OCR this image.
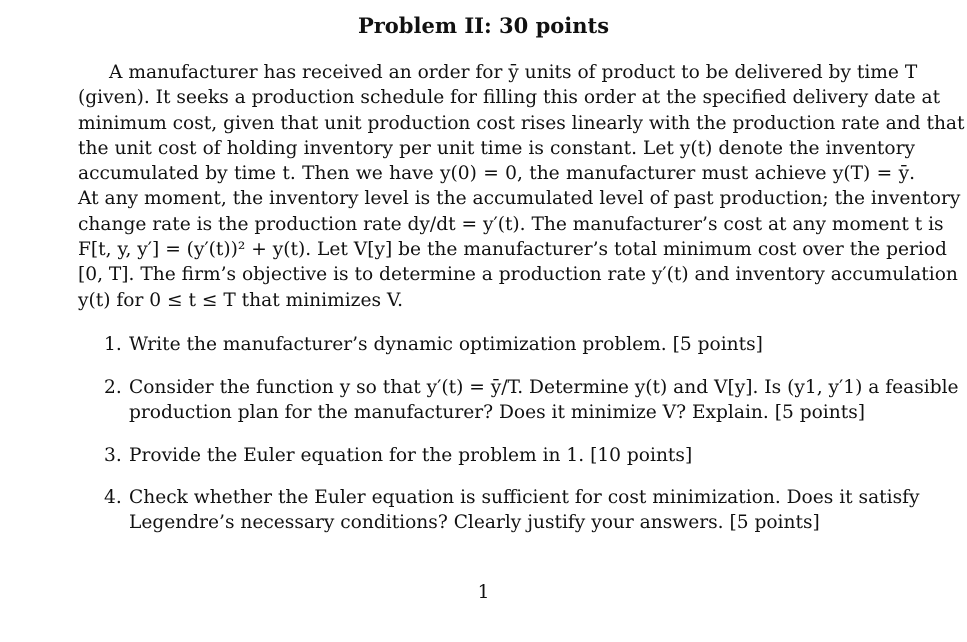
Problem II: 30 points
A manufacturer has received an order for ȳ units of product to be delivered by time T
(given). It seeks a production schedule for filling this order at the specified delivery date at
minimum cost, given that unit production cost rises linearly with the production rate and that
the unit cost of holding inventory per unit time is constant. Let y(t) denote the inventory
accumulated by time t. Then we have y(0) = 0, the manufacturer must achieve y(T) = ȳ.
At any moment, the inventory level is the accumulated level of past production; the inventory
change rate is the production rate dy/dt = y′(t). The manufacturer’s cost at any moment t is
F[t, y, y′] = (y′(t))² + y(t). Let V[y] be the manufacturer’s total minimum cost over the period
[0, T]. The firm’s objective is to determine a production rate y′(t) and inventory accumulation
y(t) for 0 ≤ t ≤ T that minimizes V.
1. Write the manufacturer’s dynamic optimization problem. [5 points]
2. Consider the function y so that y′(t) = ȳ/T. Determine y(t) and V[y]. Is (y1, y′1) a feasible
production plan for the manufacturer? Does it minimize V? Explain. [5 points]
3. Provide the Euler equation for the problem in 1. [10 points]
4. Check whether the Euler equation is sufficient for cost minimization. Does it satisfy
Legendre’s necessary conditions? Clearly justify your answers. [5 points]
1
